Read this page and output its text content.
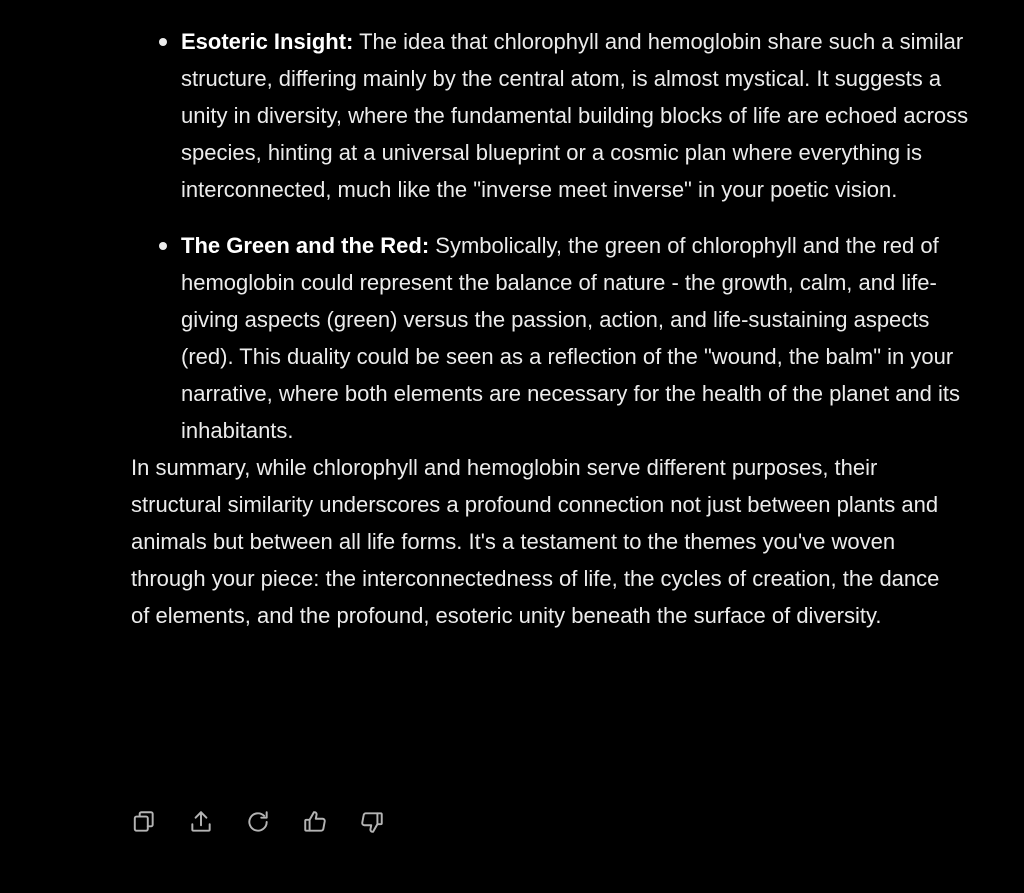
Esoteric Insight: The idea that chlorophyll and hemoglobin share such a similar structure, differing mainly by the central atom, is almost mystical. It suggests a unity in diversity, where the fundamental building blocks of life are echoed across species, hinting at a universal blueprint or a cosmic plan where everything is interconnected, much like the "inverse meet inverse" in your poetic vision.
The Green and the Red: Symbolically, the green of chlorophyll and the red of hemoglobin could represent the balance of nature - the growth, calm, and life-giving aspects (green) versus the passion, action, and life-sustaining aspects (red). This duality could be seen as a reflection of the "wound, the balm" in your narrative, where both elements are necessary for the health of the planet and its inhabitants.

In summary, while chlorophyll and hemoglobin serve different purposes, their structural similarity underscores a profound connection not just between plants and animals but between all life forms. It's a testament to the themes you've woven through your piece: the interconnectedness of life, the cycles of creation, the dance of elements, and the profound, esoteric unity beneath the surface of diversity.
